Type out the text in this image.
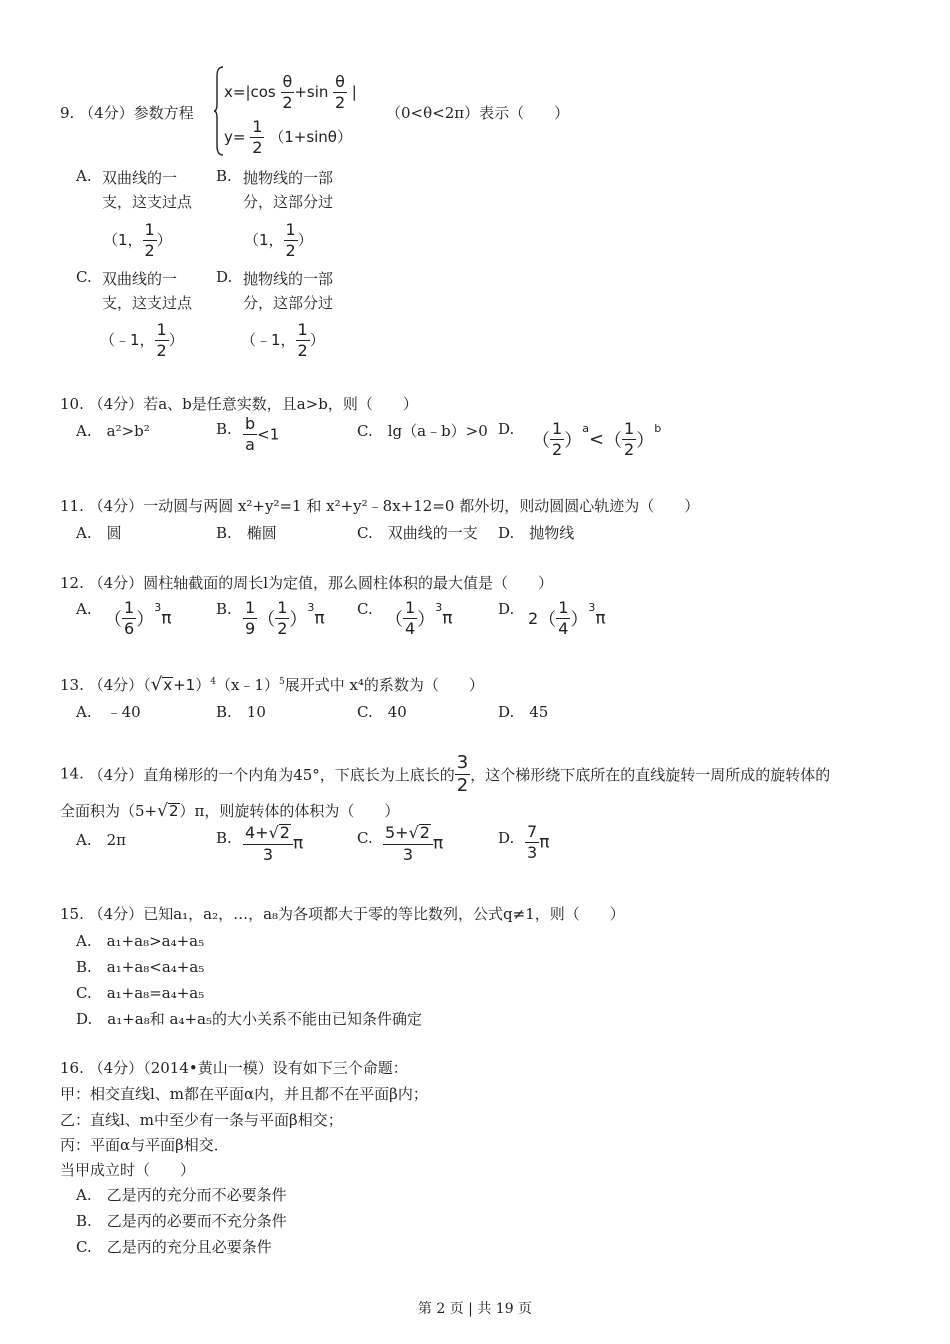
9. （4分）参数方程
$x=|\cos \frac{\theta}{2} +\sin \frac{\theta}{2}$ |
$y= \frac{1}{2} (1+\sin\theta)$
（0<θ<2π）表示（　　）
A. 双曲线的一
支，这支过点
（1， $\frac{1}{2}$ ）
B. 抛物线的一部
分，这部分过
（1， $\frac{1}{2}$ ）
C. 双曲线的一
支，这支过点
（﹣1， $\frac{1}{2}$ ）
D. 抛物线的一部
分，这部分过
（﹣1， $\frac{1}{2}$ ）
10. （4分）若a、b是任意实数，且a>b，则（　　）
A.　 a²>b²	B. $\frac{b}{a} <1$	C.　 lg（a﹣b）>0 D.
（ $\frac{1}{2} )^a<( \frac{1}{2} )^b$
11. （4分）一动圆与两圆 x²+y²=1 和 x²+y²﹣8x+12=0 都外切，则动圆圆心轨迹为（　　）
A.　圆	B.　椭圆	C.　双曲线的一支 D.　抛物线
12. （4分）圆柱轴截面的周长l为定值，那么圆柱体积的最大值是（　　）
A.
（ $\frac{1}{6} )^3\pi$	B. $\frac{1}{9}$ （ $\frac{1}{2} )^3\pi$ C.
（ $\frac{1}{4} )^3\pi$	D. $2( \frac{1}{4} )^3\pi$
13. （4分）$(√x+1)^4(x﹣1)^5$展开式中 x⁴的系数为（　　）
A.　﹣40	B.　10	C.　40	D.　45
14. （4分）直角梯形的一个内角为45°，下底长为上底长的 $\frac{3}{2}$ ，这个梯形绕下底所在的直线旋转一周所成的旋转体的
全面积为（5+√2）π，则旋转体的体积为（　　）
A.　2π	B. $\frac{4+√2}{3}$ π	C. $\frac{5+√2}{3}$ π	D. $\frac{7}{3}$ π
15. （4分）已知a₁，a₂，…，a₈为各项都大于零的等比数列，公式q≠1，则（　　）
A.　a₁+a₈>a₄+a₅
B.　a₁+a₈<a₄+a₅
C.　a₁+a₈=a₄+a₅
D.　a₁+a₈和 a₄+a₅的大小关系不能由已知条件确定
16. （4分）（2014•黄山一模）设有如下三个命题：
甲：相交直线l、m都在平面α内，并且都不在平面β内；
乙：直线l、m中至少有一条与平面β相交；
丙：平面α与平面β相交．
当甲成立时（　　）
A.　乙是丙的充分而不必要条件
B.　乙是丙的必要而不充分条件
C.　乙是丙的充分且必要条件
第 2 页 | 共 19 页
